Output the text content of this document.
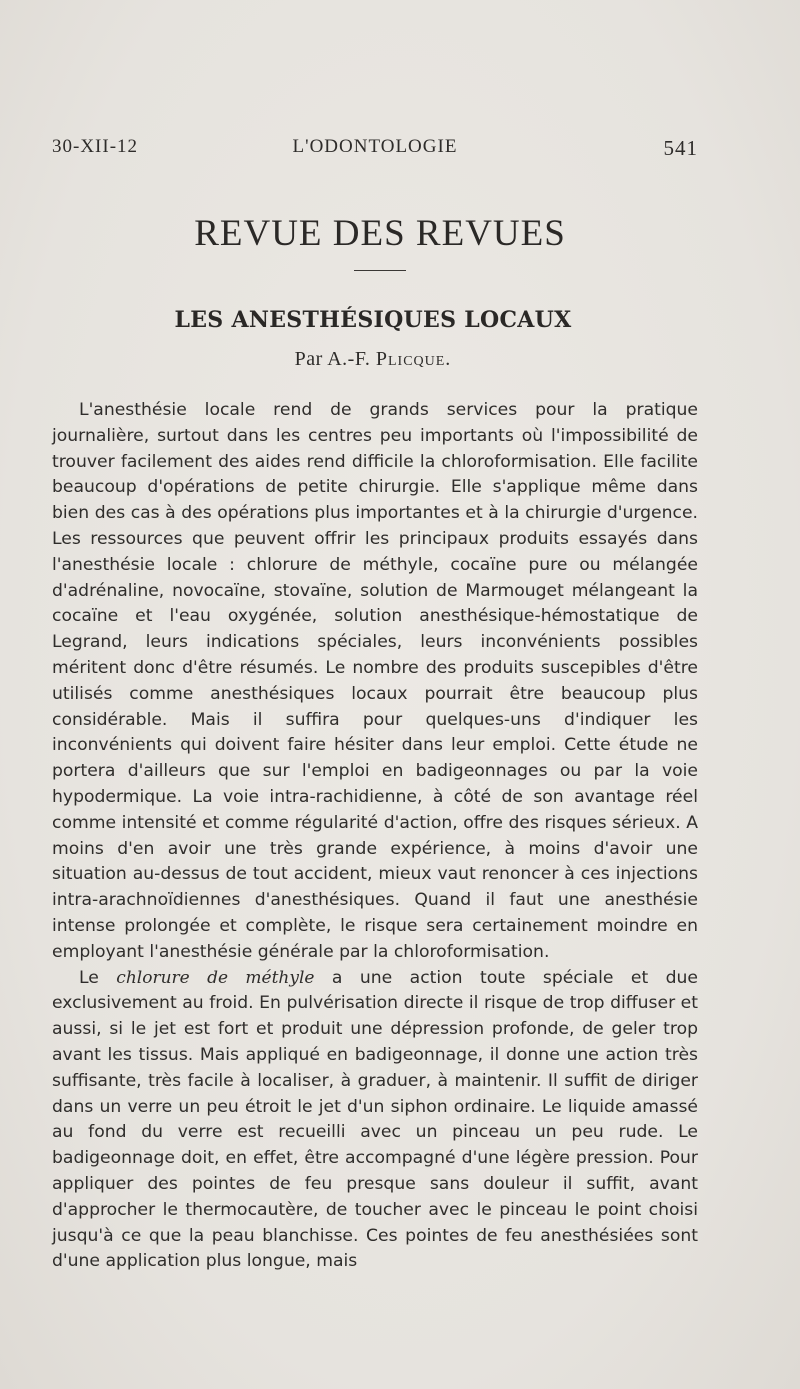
30-XII-12	L'ODONTOLOGIE	541
REVUE DES REVUES
LES ANESTHÉSIQUES LOCAUX
Par A.-F. Plicque.

L'anesthésie locale rend de grands services pour la pratique journalière, surtout dans les centres peu importants où l'impossibilité de trouver facilement des aides rend difficile la chloroformisation. Elle facilite beaucoup d'opérations de petite chirurgie. Elle s'applique même dans bien des cas à des opérations plus importantes et à la chirurgie d'urgence. Les ressources que peuvent offrir les principaux produits essayés dans l'anesthésie locale : chlorure de méthyle, cocaïne pure ou mélangée d'adrénaline, novocaïne, stovaïne, solution de Marmouget mélangeant la cocaïne et l'eau oxygénée, solution anesthésique-hémostatique de Legrand, leurs indications spéciales, leurs inconvénients possibles méritent donc d'être résumés. Le nombre des produits suscepibles d'être utilisés comme anesthésiques locaux pourrait être beaucoup plus considérable. Mais il suffira pour quelques-uns d'indiquer les inconvénients qui doivent faire hésiter dans leur emploi. Cette étude ne portera d'ailleurs que sur l'emploi en badigeonnages ou par la voie hypodermique. La voie intra-rachidienne, à côté de son avantage réel comme intensité et comme régularité d'action, offre des risques sérieux. A moins d'en avoir une très grande expérience, à moins d'avoir une situation au-dessus de tout accident, mieux vaut renoncer à ces injections intra-arachnoïdiennes d'anesthésiques. Quand il faut une anesthésie intense prolongée et complète, le risque sera certainement moindre en employant l'anesthésie générale par la chloroformisation.

Le chlorure de méthyle a une action toute spéciale et due exclusivement au froid. En pulvérisation directe il risque de trop diffuser et aussi, si le jet est fort et produit une dépression profonde, de geler trop avant les tissus. Mais appliqué en badigeonnage, il donne une action très suffisante, très facile à localiser, à graduer, à maintenir. Il suffit de diriger dans un verre un peu étroit le jet d'un siphon ordinaire. Le liquide amassé au fond du verre est recueilli avec un pinceau un peu rude. Le badigeonnage doit, en effet, être accompagné d'une légère pression. Pour appliquer des pointes de feu presque sans douleur il suffit, avant d'approcher le thermocautère, de toucher avec le pinceau le point choisi jusqu'à ce que la peau blanchisse. Ces pointes de feu anesthésiées sont d'une application plus longue, mais
